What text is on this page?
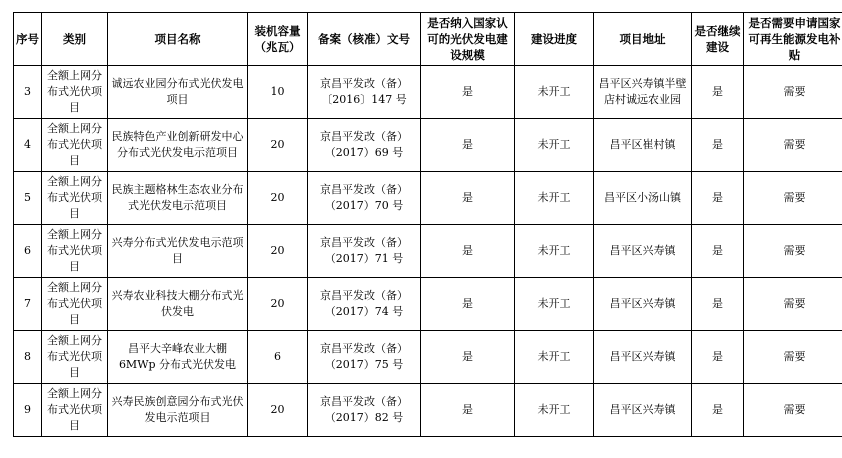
序号	类别	项目名称	装机容量（兆瓦）	备案（核准）文号	是否纳入国家认可的光伏发电建设规模	建设进度	项目地址	是否继续建设	是否需要申请国家可再生能源发电补贴

3	全额上网分布式光伏项目	诚远农业园分布式光伏发电项目	10	京昌平发改（备）〔2016〕147 号	是	未开工	昌平区兴寿镇半壁店村诚远农业园	是	需要
4	全额上网分布式光伏项目	民族特色产业创新研发中心分布式光伏发电示范项目	20	京昌平发改（备）（2017）69 号	是	未开工	昌平区崔村镇	是	需要
5	全额上网分布式光伏项目	民族主题格林生态农业分布式光伏发电示范项目	20	京昌平发改（备）（2017）70 号	是	未开工	昌平区小汤山镇	是	需要
6	全额上网分布式光伏项目	兴寿分布式光伏发电示范项目	20	京昌平发改（备）（2017）71 号	是	未开工	昌平区兴寿镇	是	需要
7	全额上网分布式光伏项目	兴寿农业科技大棚分布式光伏发电	20	京昌平发改（备）（2017）74 号	是	未开工	昌平区兴寿镇	是	需要
8	全额上网分布式光伏项目	昌平大辛峰农业大棚 6MWp 分布式光伏发电	6	京昌平发改（备）（2017）75 号	是	未开工	昌平区兴寿镇	是	需要
9	全额上网分布式光伏项目	兴寿民族创意园分布式光伏发电示范项目	20	京昌平发改（备）（2017）82 号	是	未开工	昌平区兴寿镇	是	需要
